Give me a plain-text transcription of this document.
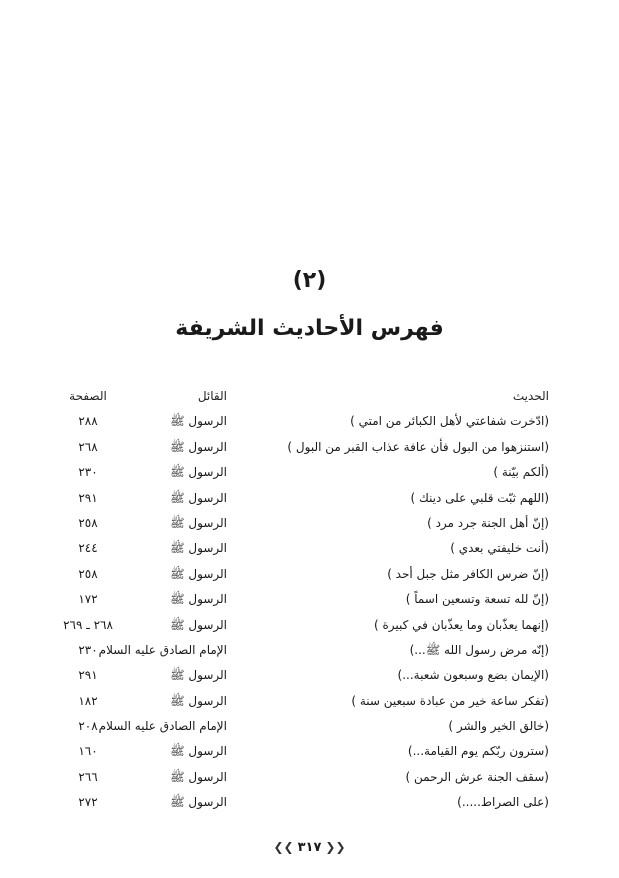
(٢)
فهرس الأحاديث الشريفة
الحديث
القائل
الصفحة
(ادّخرت شفاعتي لأهل الكبائر من امتي )
الرسول ﷺ
٢٨٨
(استنزهوا من البول فأن عافة عذاب القبر من البول )
الرسول ﷺ
٢٦٨
(ألكم بيّنة )
الرسول ﷺ
٢٣٠
(اللهم ثبّت قلبي على دينك )
الرسول ﷺ
٢٩١
(إنّ أهل الجنة جرد مرد )
الرسول ﷺ
٢٥٨
(أنت خليفتي بعدي )
الرسول ﷺ
٢٤٤
(إنّ ضرس الكافر مثل جبل أحد )
الرسول ﷺ
٢٥٨
(إنّ لله تسعة وتسعين اسماً )
الرسول ﷺ
١٧٢
(إنهما يعذّبان وما يعذّبان في كبيرة )
الرسول ﷺ
٢٦٨ ـ ٢٦٩
(إنّه مرض رسول الله ﷺ...)
الإمام الصادق عليه السلام
٢٣٠
(الإيمان بضع وسبعون شعبة...)
الرسول ﷺ
٢٩١
(تفكر ساعة خير من عبادة سبعين سنة )
الرسول ﷺ
١٨٢
(خالق الخير والشر )
الإمام الصادق عليه السلام
٢٠٨
(سترون ربّكم يوم القيامة...)
الرسول ﷺ
١٦٠
(سقف الجنة عرش الرحمن )
الرسول ﷺ
٢٦٦
(على الصراط.....)
الرسول ﷺ
٢٧٢
❮❮٣١٧❯❯
